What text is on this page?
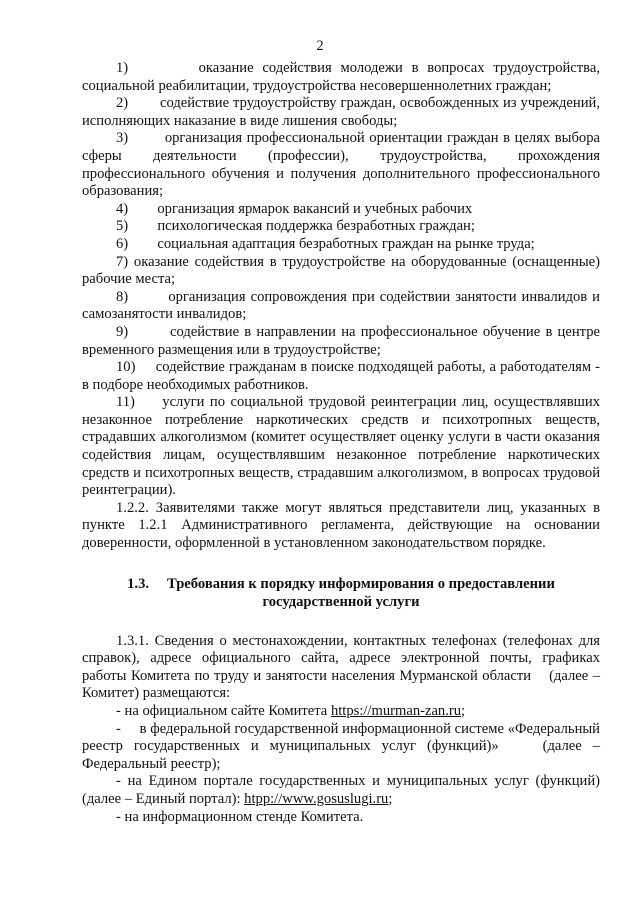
2

1)        оказание содействия молодежи в вопросах трудоустройства, социальной реабилитации, трудоустройства несовершеннолетних граждан;

2)        содействие трудоустройству граждан, освобожденных из учреждений, исполняющих наказание в виде лишения свободы;

3)        организация профессиональной ориентации граждан в целях выбора сферы деятельности (профессии), трудоустройства, прохождения профессионального обучения и получения дополнительного профессионального образования;

4)        организация ярмарок вакансий и учебных рабочих

5)        психологическая поддержка безработных граждан;

6)        социальная адаптация безработных граждан на рынке труда;

7) оказание содействия в трудоустройстве на оборудованные (оснащенные) рабочие места;

8)        организация сопровождения при содействии занятости инвалидов и самозанятости инвалидов;

9)        содействие в направлении на профессиональное обучение в центре временного размещения или в трудоустройстве;

10)     содействие гражданам в поиске подходящей работы, а работодателям - в подборе необходимых работников.

11)     услуги по социальной трудовой реинтеграции лиц, осуществлявших незаконное потребление наркотических средств и психотропных веществ, страдавших алкоголизмом (комитет осуществляет оценку услуги в части оказания содействия лицам, осуществлявшим незаконное потребление наркотических средств и психотропных веществ, страдавшим алкоголизмом, в вопросах трудовой реинтеграции).

1.2.2. Заявителями также могут являться представители лиц, указанных в пункте 1.2.1 Административного регламента, действующие на основании доверенности, оформленной в установленном законодательством порядке.

1.3. Требования к порядку информирования о предоставлении
государственной услуги

1.3.1. Сведения о местонахождении, контактных телефонах (телефонах для справок), адресе официального сайта, адресе электронной почты, графиках работы Комитета по труду и занятости населения Мурманской области    (далее – Комитет) размещаются:

- на официальном сайте Комитета https://murman-zan.ru;

-     в федеральной государственной информационной системе «Федеральный реестр государственных и муниципальных услуг (функций)»    (далее – Федеральный реестр);

- на Едином портале государственных и муниципальных услуг (функций) (далее – Единый портал): htpp://www.gosuslugi.ru;

- на информационном стенде Комитета.
